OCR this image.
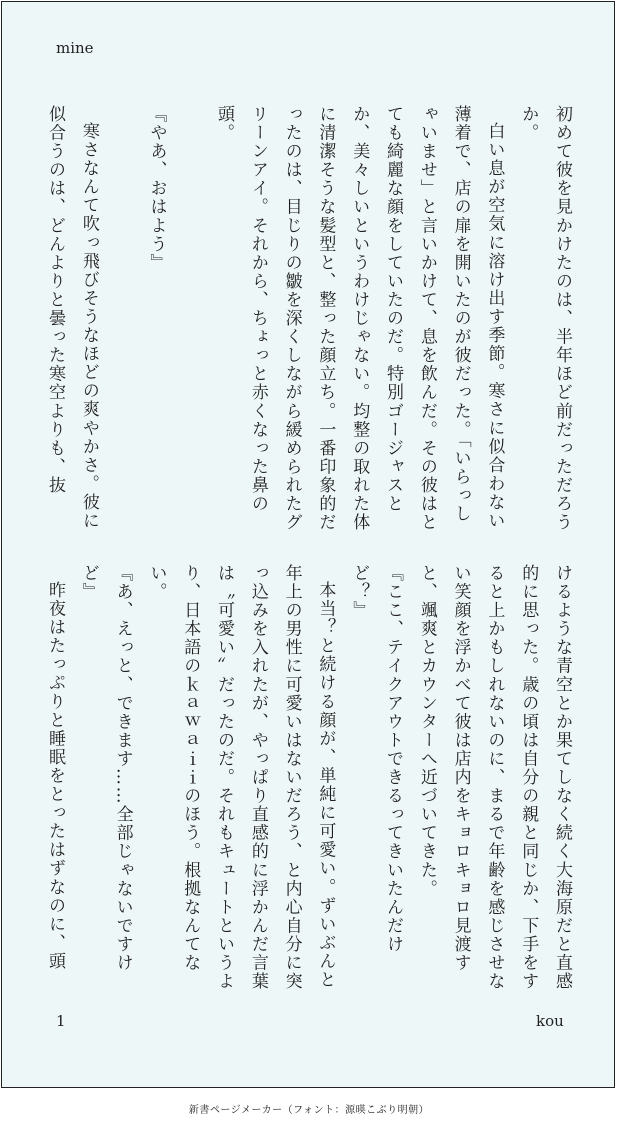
mine

初めて彼を見かけたのは、半年ほど前だっただろうか。

白い息が空気に溶け出す季節。寒さに似合わない薄着で、店の扉を開いたのが彼だった。「いらっしゃいませ」と言いかけて、息を飲んだ。その彼はとても綺麗な顔をしていたのだ。特別ゴージャスとか、美々しいというわけじゃない。均整の取れた体に清潔そうな髪型と、整った顔立ち。一番印象的だったのは、目じりの皺を深くしながら緩められたグリーンアイ。それから、ちょっと赤くなった鼻の頭。

『やあ、おはよう』

寒さなんて吹っ飛びそうなほどの爽やかさ。彼に似合うのは、どんよりと曇った寒空よりも、抜

けるような青空とか果てしなく続く大海原だと直感的に思った。歳の頃は自分の親と同じか、下手をすると上かもしれないのに、まるで年齢を感じさせない笑顔を浮かべて彼は店内をキョロキョロ見渡すと、颯爽とカウンターへ近づいてきた。

『ここ、テイクアウトできるってきいたんだけど？』

本当？と続ける顔が、単純に可愛い。ずいぶんと年上の男性に可愛いはないだろう、と内心自分に突っ込みを入れたが、やっぱり直感的に浮かんだ言葉は〝可愛い〟だったのだ。それもキュートというより、日本語のｋａｗａｉｉのほう。根拠なんてない。

『あ、えっと、できます……全部じゃないですけど』

昨夜はたっぷりと睡眠をとったはずなのに、頭

1	kou
新書ページメーカー（フォント：源暎こぶり明朝）
